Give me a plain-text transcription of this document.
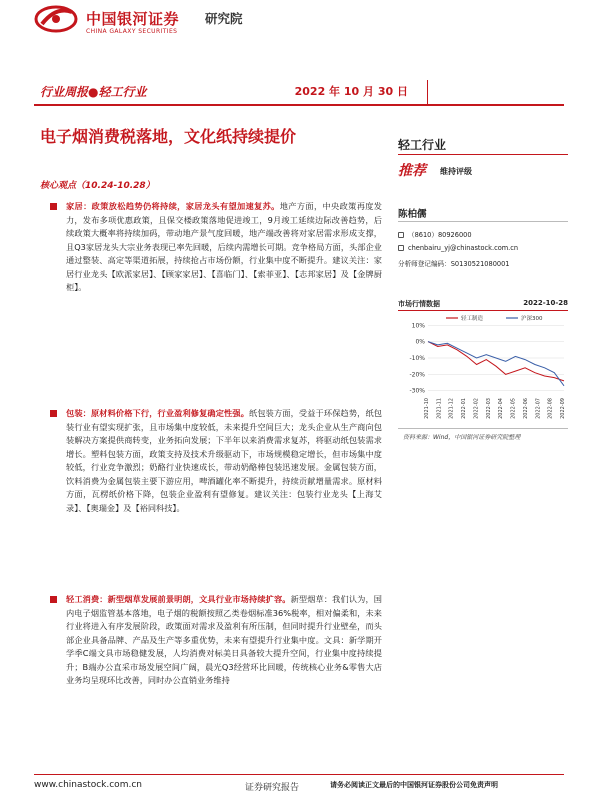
中国银河证券
CHINA GALAXY SECURITIES
研究院
行业周报●轻工行业	2022 年 10 月 30 日
电子烟消费税落地，文化纸持续提价
核心观点（10.24-10.28）
家居：政策放松趋势仍将持续，家居龙头有望加速复苏。地产方面，中央政策再度发力，发布多项优惠政策，且保交楼政策落地促进竣工，9月竣工延续边际改善趋势，后续政策大概率将持续加码，带动地产景气度回暖，地产端改善将对家居需求形成支撑，且Q3家居龙头大宗业务表现已率先回暖，后续内需增长可期。竞争格局方面，头部企业通过整装、高定等渠道拓展，持续抢占市场份额，行业集中度不断提升。建议关注：家居行业龙头【欧派家居】、【顾家家居】、【喜临门】、【索菲亚】、【志邦家居】及【金牌厨柜】。
包装：原材料价格下行，行业盈利修复确定性强。纸包装方面，受益于环保趋势，纸包装行业有望实现扩张，且市场集中度较低，未来提升空间巨大；龙头企业从生产商向包装解决方案提供商转变，业务拓向发展；下半年以来消费需求复苏，将驱动纸包装需求增长。塑料包装方面，政策支持及技术升级驱动下，市场规模稳定增长，但市场集中度较低，行业竞争激烈；奶酪行业快速成长，带动奶酪棒包装迅速发展。金属包装方面，饮料消费为金属包装主要下游应用，啤酒罐化率不断提升，持续贡献增量需求。原材料方面，瓦楞纸价格下降，包装企业盈利有望修复。建议关注：包装行业龙头【上海艾录】、【奥瑞金】及【裕同科技】。
轻工消费：新型烟草发展前景明朗，文具行业市场持续扩容。新型烟草：我们认为，国内电子烟监管基本落地，电子烟的税额按照乙类卷烟标准36%税率，相对偏柔和，未来行业将进入有序发展阶段，政策面对需求及盈利有所压制，但同时提升行业壁垒，而头部企业具备品牌、产品及生产等多重优势，未来有望提升行业集中度。文具：新学期开学季C端文具市场稳健发展，人均消费对标美日具备较大提升空间，行业集中度持续提升；B端办公直采市场发展空间广阔，晨光Q3经营环比回暖，传统核心业务&零售大店业务均呈现环比改善，同时办公直销业务维持
轻工行业
推荐 维持评级
陈柏儒
（8610）80926000
chenbairu_yj@chinastock.com.cn
分析师登记编码：S0130521080001
市场行情数据	2022-10-28
10%
0%
-10%
-20%
-30%
2021-10 2021-11 2021-12 2022-01 2022-02 2022-03 2022-04 2022-05 2022-06 2022-07 2022-08 2022-09
轻工制造	沪深300
资料来源：Wind，中国银河证券研究院整理
www.chinastock.com.cn	证券研究报告	请务必阅读正文最后的中国银河证券股份公司免责声明
